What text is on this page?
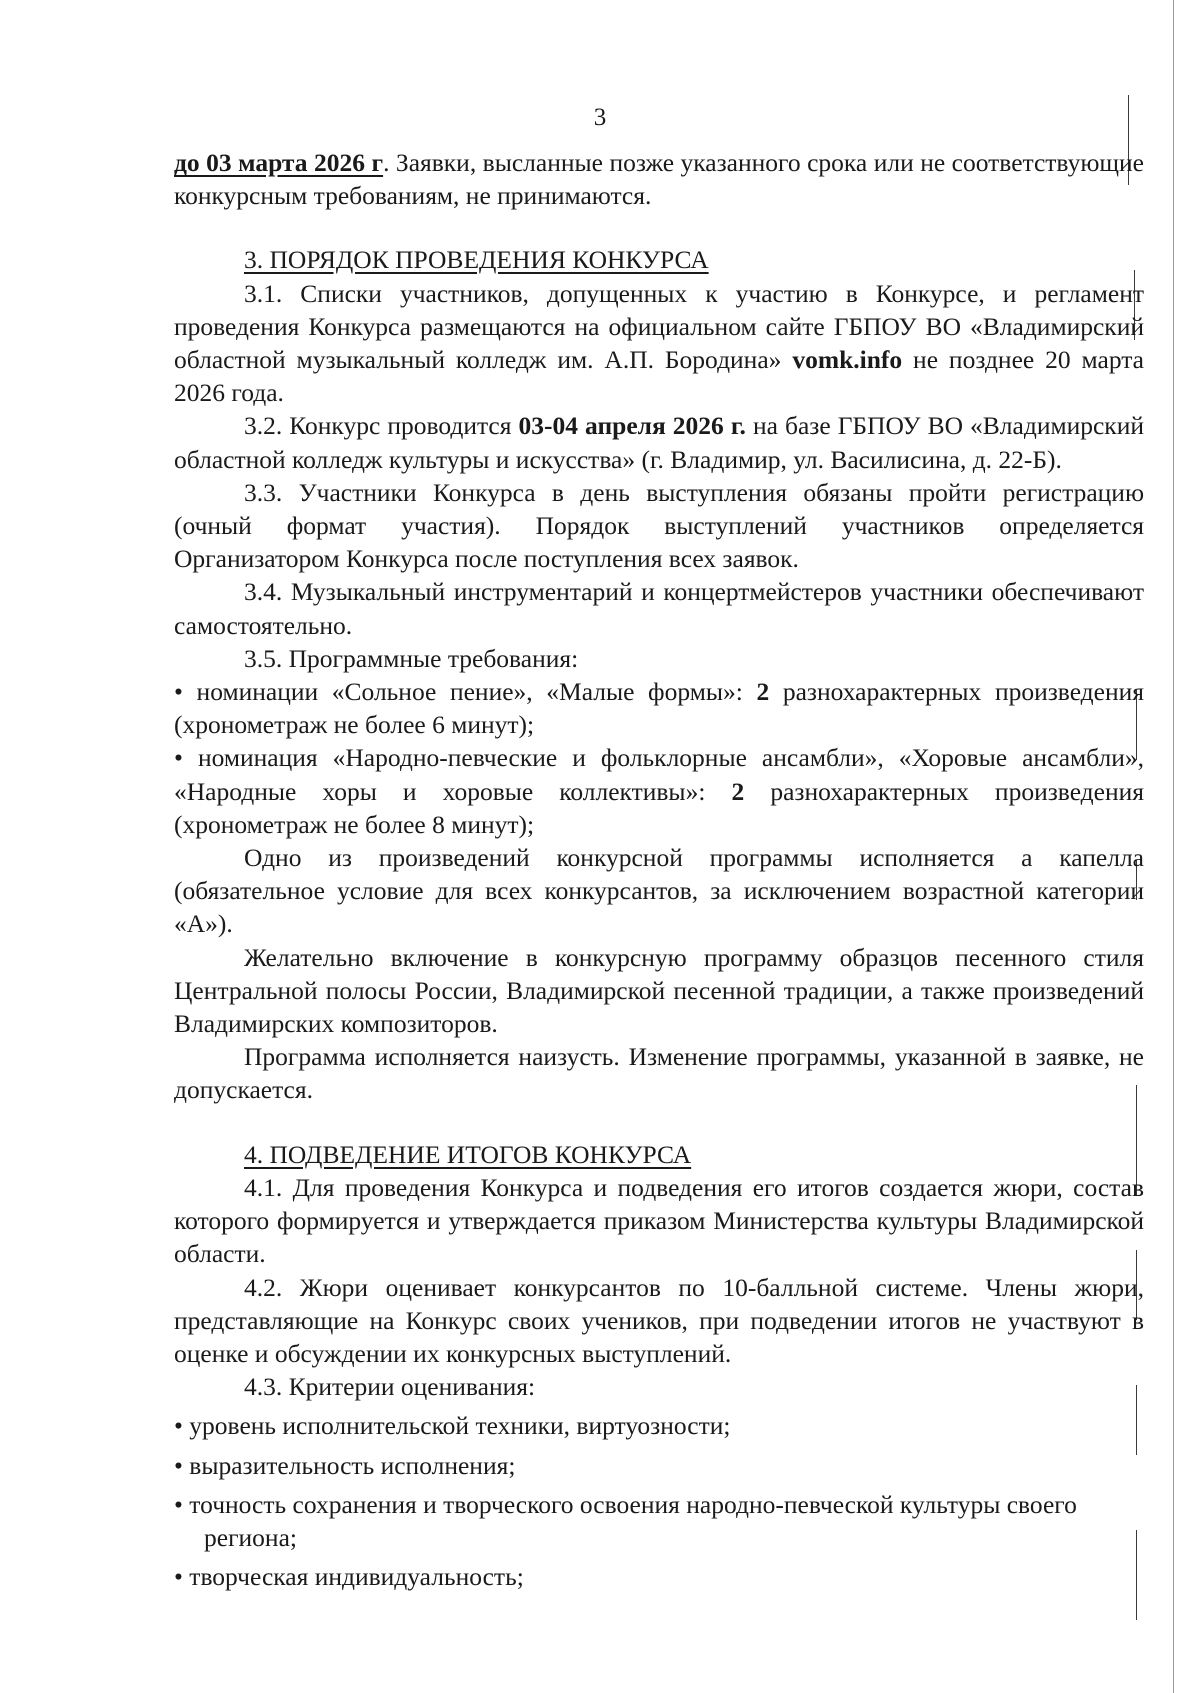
3

до 03 марта 2026 г. Заявки, высланные позже указанного срока или не соответствующие конкурсным требованиям, не принимаются.

3. ПОРЯДОК ПРОВЕДЕНИЯ КОНКУРСА

3.1. Списки участников, допущенных к участию в Конкурсе, и регламент проведения Конкурса размещаются на официальном сайте ГБПОУ ВО «Владимирский областной музыкальный колледж им. А.П. Бородина» vomk.info не позднее 20 марта 2026 года.

3.2. Конкурс проводится 03-04 апреля 2026 г. на базе ГБПОУ ВО «Владимирский областной колледж культуры и искусства» (г. Владимир, ул. Василисина, д. 22-Б).

3.3. Участники Конкурса в день выступления обязаны пройти регистрацию (очный формат участия). Порядок выступлений участников определяется Организатором Конкурса после поступления всех заявок.

3.4. Музыкальный инструментарий и концертмейстеров участники обеспечивают самостоятельно.

3.5. Программные требования:

• номинации «Сольное пение», «Малые формы»: 2 разнохарактерных произведения (хронометраж не более 6 минут);

• номинация «Народно-певческие и фольклорные ансамбли», «Хоровые ансамбли», «Народные хоры и хоровые коллективы»: 2 разнохарактерных произведения (хронометраж не более 8 минут);

Одно из произведений конкурсной программы исполняется а капелла (обязательное условие для всех конкурсантов, за исключением возрастной категории «А»).

Желательно включение в конкурсную программу образцов песенного стиля Центральной полосы России, Владимирской песенной традиции, а также произведений Владимирских композиторов.

Программа исполняется наизусть. Изменение программы, указанной в заявке, не допускается.

4. ПОДВЕДЕНИЕ ИТОГОВ КОНКУРСА

4.1. Для проведения Конкурса и подведения его итогов создается жюри, состав которого формируется и утверждается приказом Министерства культуры Владимирской области.

4.2. Жюри оценивает конкурсантов по 10-балльной системе. Члены жюри, представляющие на Конкурс своих учеников, при подведении итогов не участвуют в оценке и обсуждении их конкурсных выступлений.

4.3. Критерии оценивания:

• уровень исполнительской техники, виртуозности;

• выразительность исполнения;

• точность сохранения и творческого освоения народно-певческой культуры своего региона;

• творческая индивидуальность;
